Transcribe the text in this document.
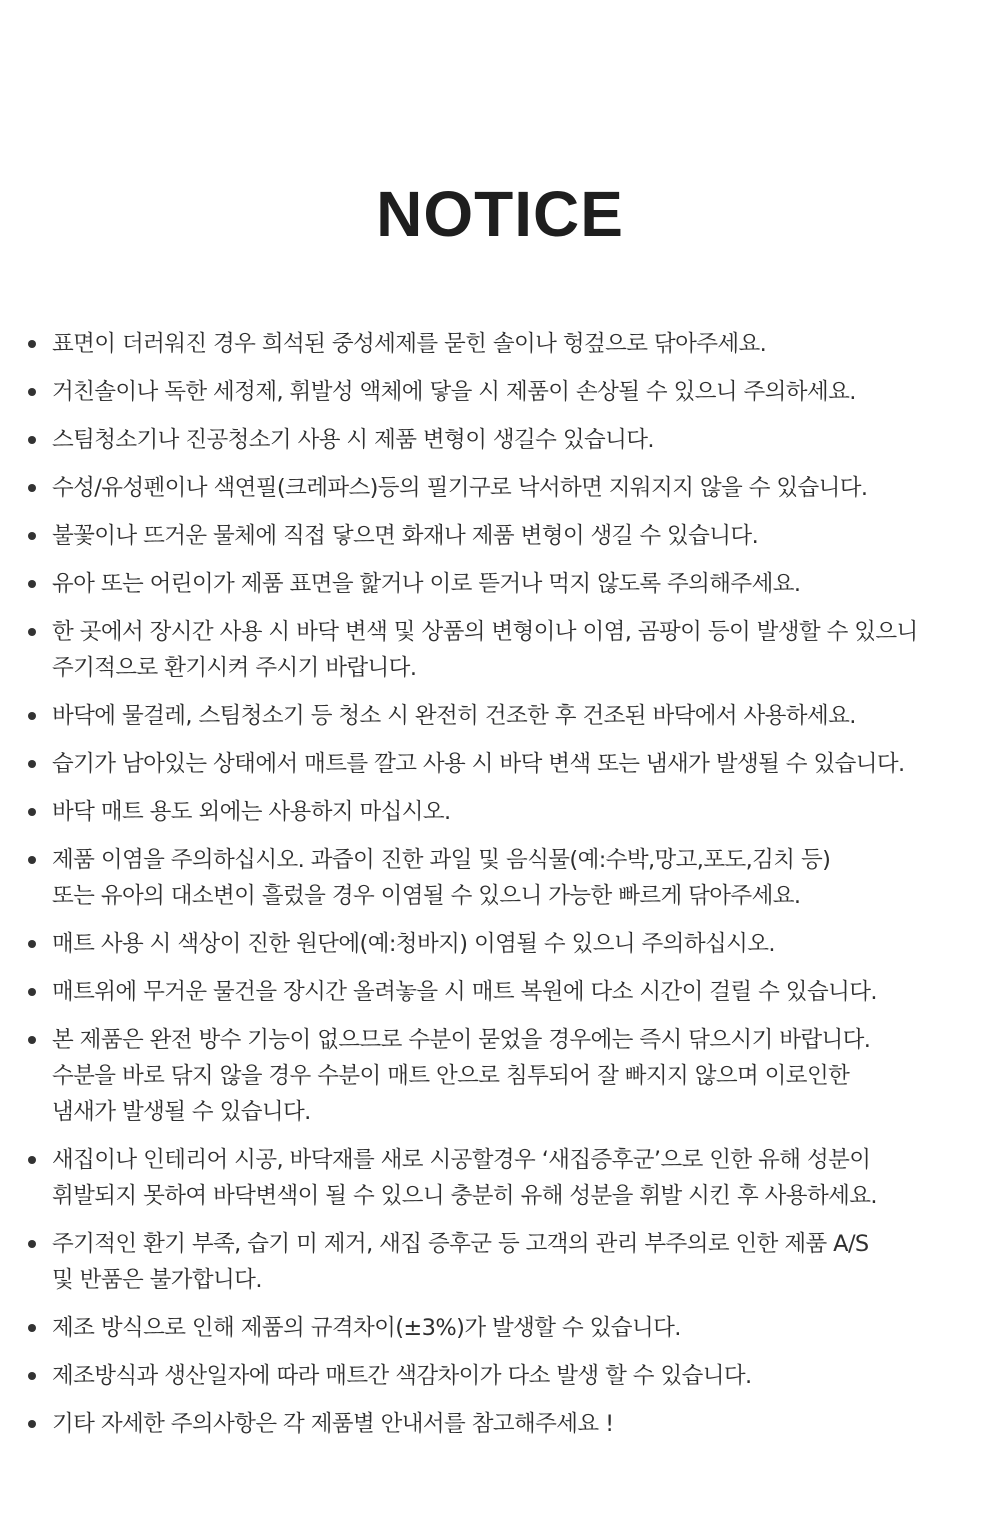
NOTICE
표면이 더러워진 경우 희석된 중성세제를 묻힌 솔이나 헝겊으로 닦아주세요.
거친솔이나 독한 세정제, 휘발성 액체에 닿을 시 제품이 손상될 수 있으니 주의하세요.
스팀청소기나 진공청소기 사용 시 제품 변형이 생길수 있습니다.
수성/유성펜이나 색연필(크레파스)등의 필기구로 낙서하면 지워지지 않을 수 있습니다.
불꽃이나 뜨거운 물체에 직접 닿으면 화재나 제품 변형이 생길 수 있습니다.
유아 또는 어린이가 제품 표면을 핥거나 이로 뜯거나 먹지 않도록 주의해주세요.
한 곳에서 장시간 사용 시 바닥 변색 및 상품의 변형이나 이염, 곰팡이 등이 발생할 수 있으니
주기적으로 환기시켜 주시기 바랍니다.
바닥에 물걸레, 스팀청소기 등 청소 시 완전히 건조한 후 건조된 바닥에서 사용하세요.
습기가 남아있는 상태에서 매트를 깔고 사용 시 바닥 변색 또는 냄새가 발생될 수 있습니다.
바닥 매트 용도 외에는 사용하지 마십시오.
제품 이염을 주의하십시오. 과즙이 진한 과일 및 음식물(예:수박,망고,포도,김치 등)
또는 유아의 대소변이 흘렀을 경우 이염될 수 있으니 가능한 빠르게 닦아주세요.
매트 사용 시 색상이 진한 원단에(예:청바지) 이염될 수 있으니 주의하십시오.
매트위에 무거운 물건을 장시간 올려놓을 시 매트 복원에 다소 시간이 걸릴 수 있습니다.
본 제품은 완전 방수 기능이 없으므로 수분이 묻었을 경우에는 즉시 닦으시기 바랍니다.
수분을 바로 닦지 않을 경우 수분이 매트 안으로 침투되어 잘 빠지지 않으며 이로인한
냄새가 발생될 수 있습니다.
새집이나 인테리어 시공, 바닥재를 새로 시공할경우 ‘새집증후군’으로 인한 유해 성분이
휘발되지 못하여 바닥변색이 될 수 있으니 충분히 유해 성분을 휘발 시킨 후 사용하세요.
주기적인 환기 부족, 습기 미 제거, 새집 증후군 등 고객의 관리 부주의로 인한 제품 A/S
및 반품은 불가합니다.
제조 방식으로 인해 제품의 규격차이(±3%)가 발생할 수 있습니다.
제조방식과 생산일자에 따라 매트간 색감차이가 다소 발생 할 수 있습니다.
기타 자세한 주의사항은 각 제품별 안내서를 참고해주세요 !
